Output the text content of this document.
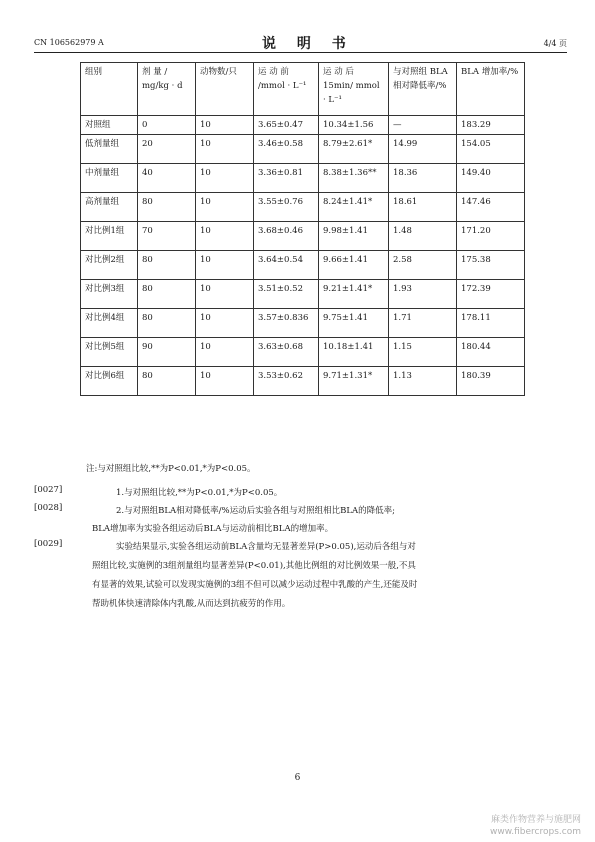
CN 106562979 A	说 明 书	4/4 页
组别	剂 量 / mg/kg · d	动物数/只	运 动 前 /mmol · L⁻¹	运 动 后 15min/ mmol · L⁻¹	与对照组 BLA 相对降低率/%	BLA 增加率/%
对照组	0	10	3.65±0.47	10.34±1.56	—	183.29
低剂量组	20	10	3.46±0.58	8.79±2.61*	14.99	154.05
中剂量组	40	10	3.36±0.81	8.38±1.36**	18.36	149.40
高剂量组	80	10	3.55±0.76	8.24±1.41*	18.61	147.46
对比例1组	70	10	3.68±0.46	9.98±1.41	1.48	171.20
对比例2组	80	10	3.64±0.54	9.66±1.41	2.58	175.38
对比例3组	80	10	3.51±0.52	9.21±1.41*	1.93	172.39
对比例4组	80	10	3.57±0.836	9.75±1.41	1.71	178.11
对比例5组	90	10	3.63±0.68	10.18±1.41	1.15	180.44
对比例6组	80	10	3.53±0.62	9.71±1.31*	1.13	180.39
注:与对照组比较,**为P<0.01,*为P<0.05。
[0027]	1.与对照组比较,**为P<0.01,*为P<0.05。
[0028]	2.与对照组BLA相对降低率/%运动后实验各组与对照组相比BLA的降低率;
BLA增加率为实验各组运动后BLA与运动前相比BLA的增加率。
[0029]	实验结果显示,实验各组运动前BLA含量均无显著差异(P>0.05),运动后各组与对
照组比较,实施例的3组剂量组均显著差异(P<0.01),其他比例组的对比例效果一般,不具
有显著的效果,试验可以发现实施例的3组不但可以减少运动过程中乳酸的产生,还能及时
帮助机体快速清除体内乳酸,从而达到抗疲劳的作用。
6
麻类作物营养与施肥网
www.fibercrops.com
